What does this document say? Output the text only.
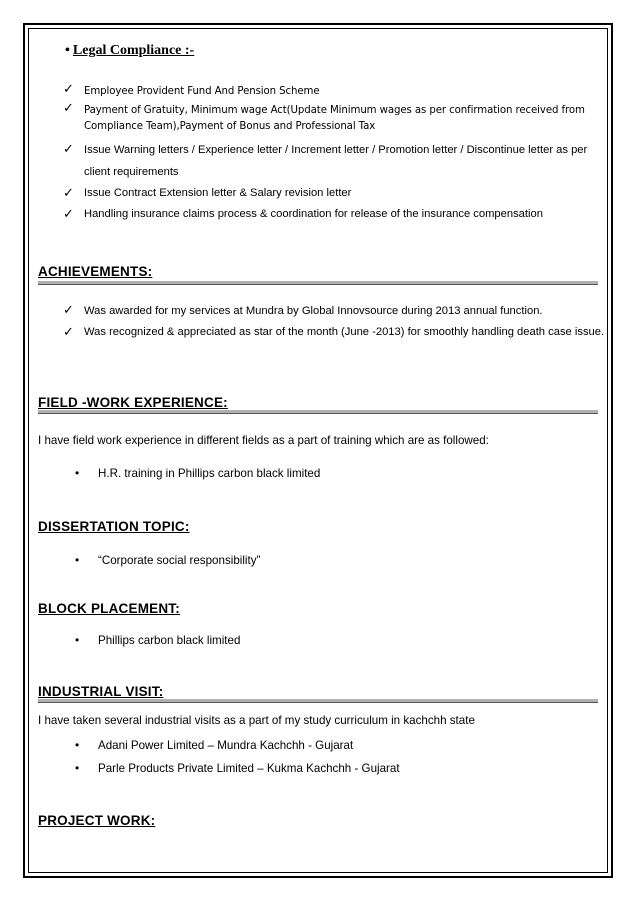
• Legal Compliance :-
✓ Employee Provident Fund And Pension Scheme
✓ Payment of Gratuity, Minimum wage Act(Update Minimum wages as per confirmation received from Compliance Team),Payment of Bonus and Professional Tax
✓ Issue Warning letters / Experience letter / Increment letter / Promotion letter / Discontinue letter as per client requirements
✓ Issue Contract Extension letter & Salary revision letter
✓ Handling insurance claims process & coordination for release of the insurance compensation
ACHIEVEMENTS:
✓ Was awarded for my services at Mundra by Global Innovsource during 2013 annual function.
✓ Was recognized & appreciated as star of the month (June -2013) for smoothly handling death case issue.
FIELD -WORK EXPERIENCE:
I have field work experience in different fields as a part of training which are as followed:
• H.R. training in Phillips carbon black limited
DISSERTATION TOPIC:
• “Corporate social responsibility”
BLOCK PLACEMENT:
• Phillips carbon black limited
INDUSTRIAL VISIT:
I have taken several industrial visits as a part of my study curriculum in kachchh state
• Adani Power Limited – Mundra Kachchh - Gujarat
• Parle Products Private Limited – Kukma Kachchh - Gujarat
PROJECT WORK:
